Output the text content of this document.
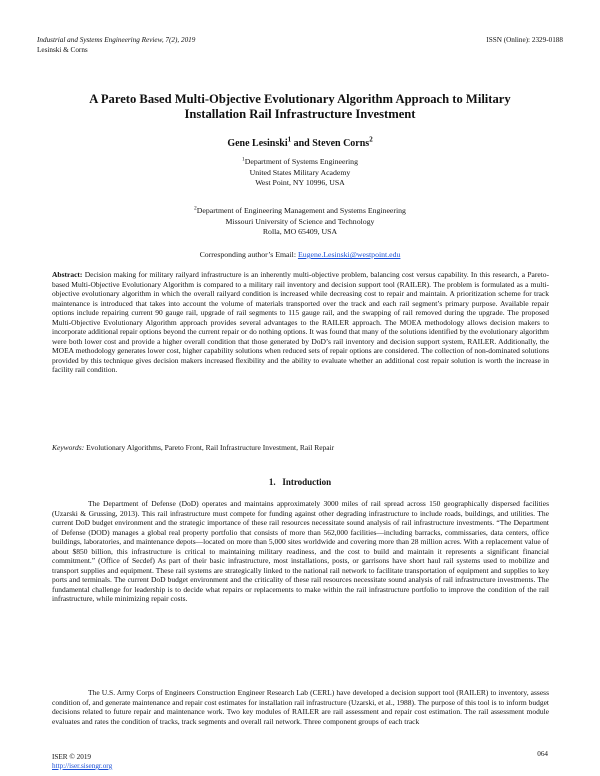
Industrial and Systems Engineering Review, 7(2), 2019
Lesinski & Corns
ISSN (Online): 2329-0188
A Pareto Based Multi-Objective Evolutionary Algorithm Approach to Military
Installation Rail Infrastructure Investment
Gene Lesinski$^1$ and Steven Corns$^2$
$^1$Department of Systems Engineering
United States Military Academy
West Point, NY 10996, USA
$^2$Department of Engineering Management and Systems Engineering
Missouri University of Science and Technology
Rolla, MO 65409, USA
Corresponding author’s Email: Eugene.Lesinski@westpoint.edu

Abstract: Decision making for military railyard infrastructure is an inherently multi-objective problem, balancing cost versus capability. In this research, a Pareto-based Multi-Objective Evolutionary Algorithm is compared to a military rail inventory and decision support tool (RAILER). The problem is formulated as a multi-objective evolutionary algorithm in which the overall railyard condition is increased while decreasing cost to repair and maintain. A prioritization scheme for track maintenance is introduced that takes into account the volume of materials transported over the track and each rail segment’s primary purpose. Available repair options include repairing current 90 gauge rail, upgrade of rail segments to 115 gauge rail, and the swapping of rail removed during the upgrade. The proposed Multi-Objective Evolutionary Algorithm approach provides several advantages to the RAILER approach. The MOEA methodology allows decision makers to incorporate additional repair options beyond the current repair or do nothing options. It was found that many of the solutions identified by the evolutionary algorithm were both lower cost and provide a higher overall condition that those generated by DoD’s rail inventory and decision support system, RAILER. Additionally, the MOEA methodology generates lower cost, higher capability solutions when reduced sets of repair options are considered. The collection of non-dominated solutions provided by this technique gives decision makers increased flexibility and the ability to evaluate whether an additional cost repair solution is worth the increase in facility rail condition.

Keywords: Evolutionary Algorithms, Pareto Front, Rail Infrastructure Investment, Rail Repair
1. Introduction

The Department of Defense (DoD) operates and maintains approximately 3000 miles of rail spread across 150 geographically dispersed facilities (Uzarski & Grussing, 2013). This rail infrastructure must compete for funding against other degrading infrastructure to include roads, buildings, and utilities. The current DoD budget environment and the strategic importance of these rail resources necessitate sound analysis of rail infrastructure investments. “The Department of Defense (DOD) manages a global real property portfolio that consists of more than 562,000 facilities—including barracks, commissaries, data centers, office buildings, laboratories, and maintenance depots—located on more than 5,000 sites worldwide and covering more than 28 million acres. With a replacement value of about $850 billion, this infrastructure is critical to maintaining military readiness, and the cost to build and maintain it represents a significant financial commitment.” (Office of Secdef) As part of their basic infrastructure, most installations, posts, or garrisons have short haul rail systems used to mobilize and transport supplies and equipment. These rail systems are strategically linked to the national rail network to facilitate transportation of equipment and supplies to key ports and terminals. The current DoD budget environment and the criticality of these rail resources necessitate sound analysis of rail infrastructure investments. The fundamental challenge for leadership is to decide what repairs or replacements to make within the rail infrastructure portfolio to improve the condition of the rail infrastructure, while minimizing repair costs.

The U.S. Army Corps of Engineers Construction Engineer Research Lab (CERL) have developed a decision support tool (RAILER) to inventory, assess condition of, and generate maintenance and repair cost estimates for installation rail infrastructure (Uzarski, et al., 1988). The purpose of this tool is to inform budget decisions related to future repair and maintenance work. Two key modules of RAILER are rail assessment and repair cost estimation. The rail assessment module evaluates and rates the condition of tracks, track segments and overall rail network. Three component groups of each track

064
ISER © 2019
http://iser.sisengr.org
